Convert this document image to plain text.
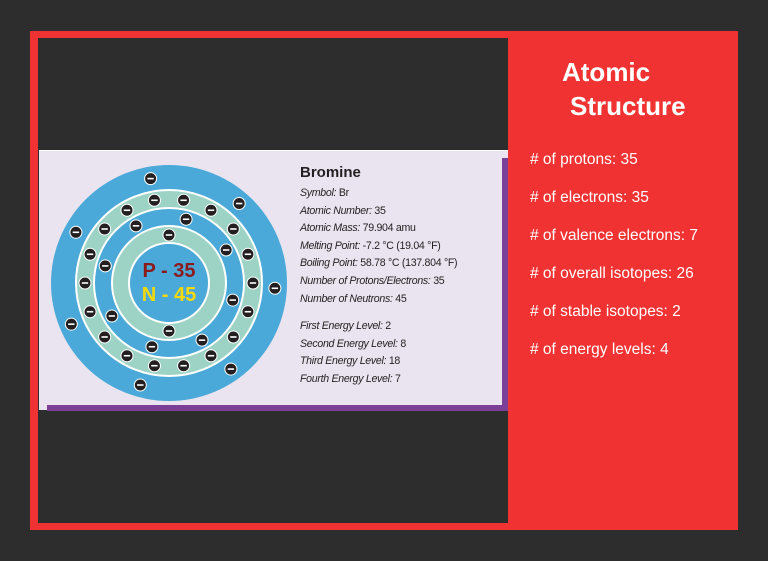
P - 35
N - 45
Bromine
Symbol: Br
Atomic Number: 35
Atomic Mass: 79.904 amu
Melting Point: -7.2 °C (19.04 °F)
Boiling Point: 58.78 °C (137.804 °F)
Number of Protons/Electrons: 35
Number of Neutrons: 45
First Energy Level: 2
Second Energy Level: 8
Third Energy Level: 18
Fourth Energy Level: 7
Atomic
Structure
# of protons: 35
# of electrons: 35
# of valence electrons: 7
# of overall isotopes: 26
# of stable isotopes: 2
# of energy levels: 4
